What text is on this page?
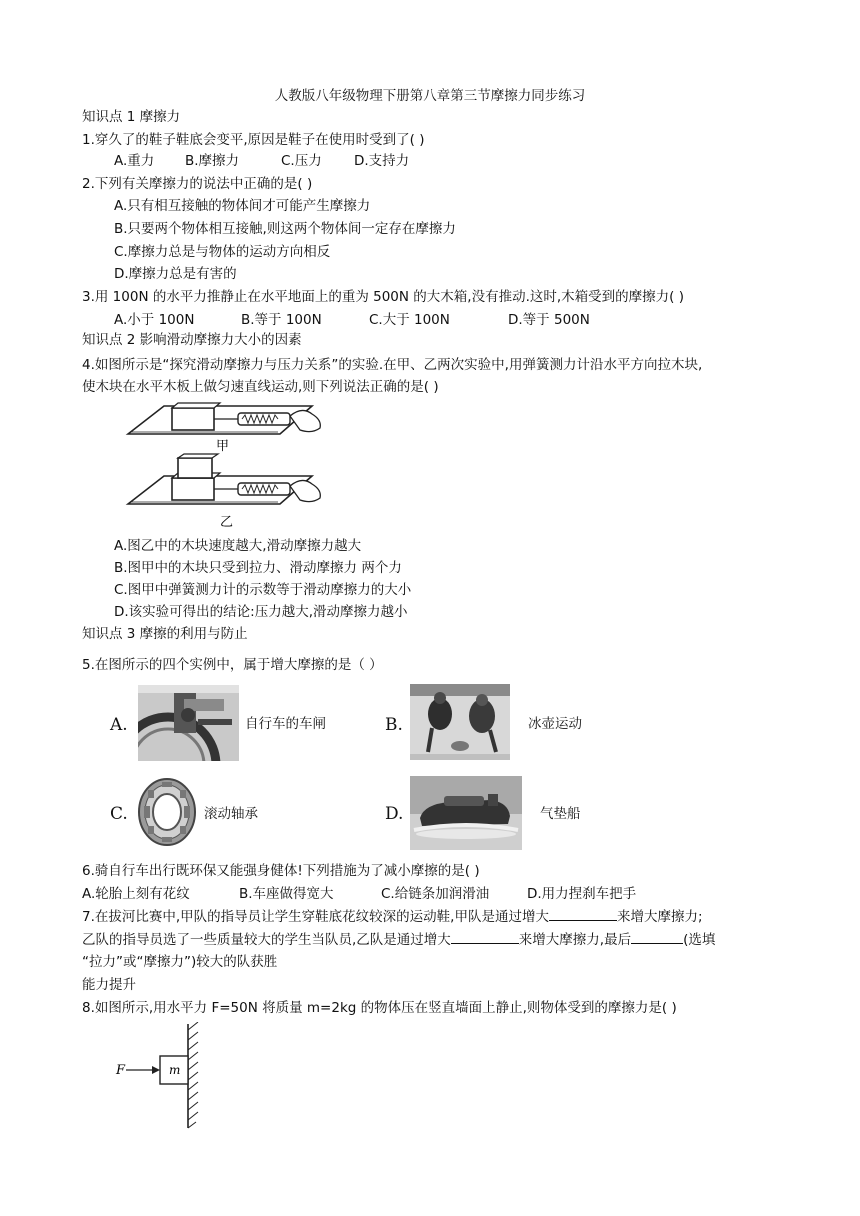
人教版八年级物理下册第八章第三节摩擦力同步练习
知识点 1 摩擦力
1.穿久了的鞋子鞋底会变平,原因是鞋子在使用时受到了( )
A.重力 B.摩擦力	C.压力 D.支持力
2.下列有关摩擦力的说法中正确的是( )
A.只有相互接触的物体间才可能产生摩擦力
B.只要两个物体相互接触,则这两个物体间一定存在摩擦力
C.摩擦力总是与物体的运动方向相反
D.摩擦力总是有害的
3.用 100N 的水平力推静止在水平地面上的重为 500N 的大木箱,没有推动.这时,木箱受到的摩擦力( )
A.小于 100N	B.等于 100N	C.大于 100N	D.等于 500N
知识点 2 影响滑动摩擦力大小的因素
4.如图所示是“探究滑动摩擦力与压力关系”的实验.在甲、乙两次实验中,用弹簧测力计沿水平方向拉木块,
使木块在水平木板上做匀速直线运动,则下列说法正确的是( )
甲
乙
A.图乙中的木块速度越大,滑动摩擦力越大
B.图甲中的木块只受到拉力、滑动摩擦力 两个力
C.图甲中弹簧测力计的示数等于滑动摩擦力的大小
D.该实验可得出的结论:压力越大,滑动摩擦力越小
知识点 3 摩擦的利用与防止
5.在图所示的四个实例中，属于增大摩擦的是（ ）
A.	自行车的车闸	B.	冰壶运动
C.	滚动轴承	D.	气垫船
6.骑自行车出行既环保又能强身健体!下列措施为了减小摩擦的是( )
A.轮胎上刻有花纹	B.车座做得宽大	C.给链条加润滑油	D.用力捏刹车把手
7.在拔河比赛中,甲队的指导员让学生穿鞋底花纹较深的运动鞋,甲队是通过增大	来增大摩擦力;
乙队的指导员选了一些质量较大的学生当队员,乙队是通过增大	来增大摩擦力,最后	(选填
“拉力”或“摩擦力”)较大的队获胜
能力提升
8.如图所示,用水平力 F=50N 将质量 m=2kg 的物体压在竖直墙面上静止,则物体受到的摩擦力是( )
F	m
